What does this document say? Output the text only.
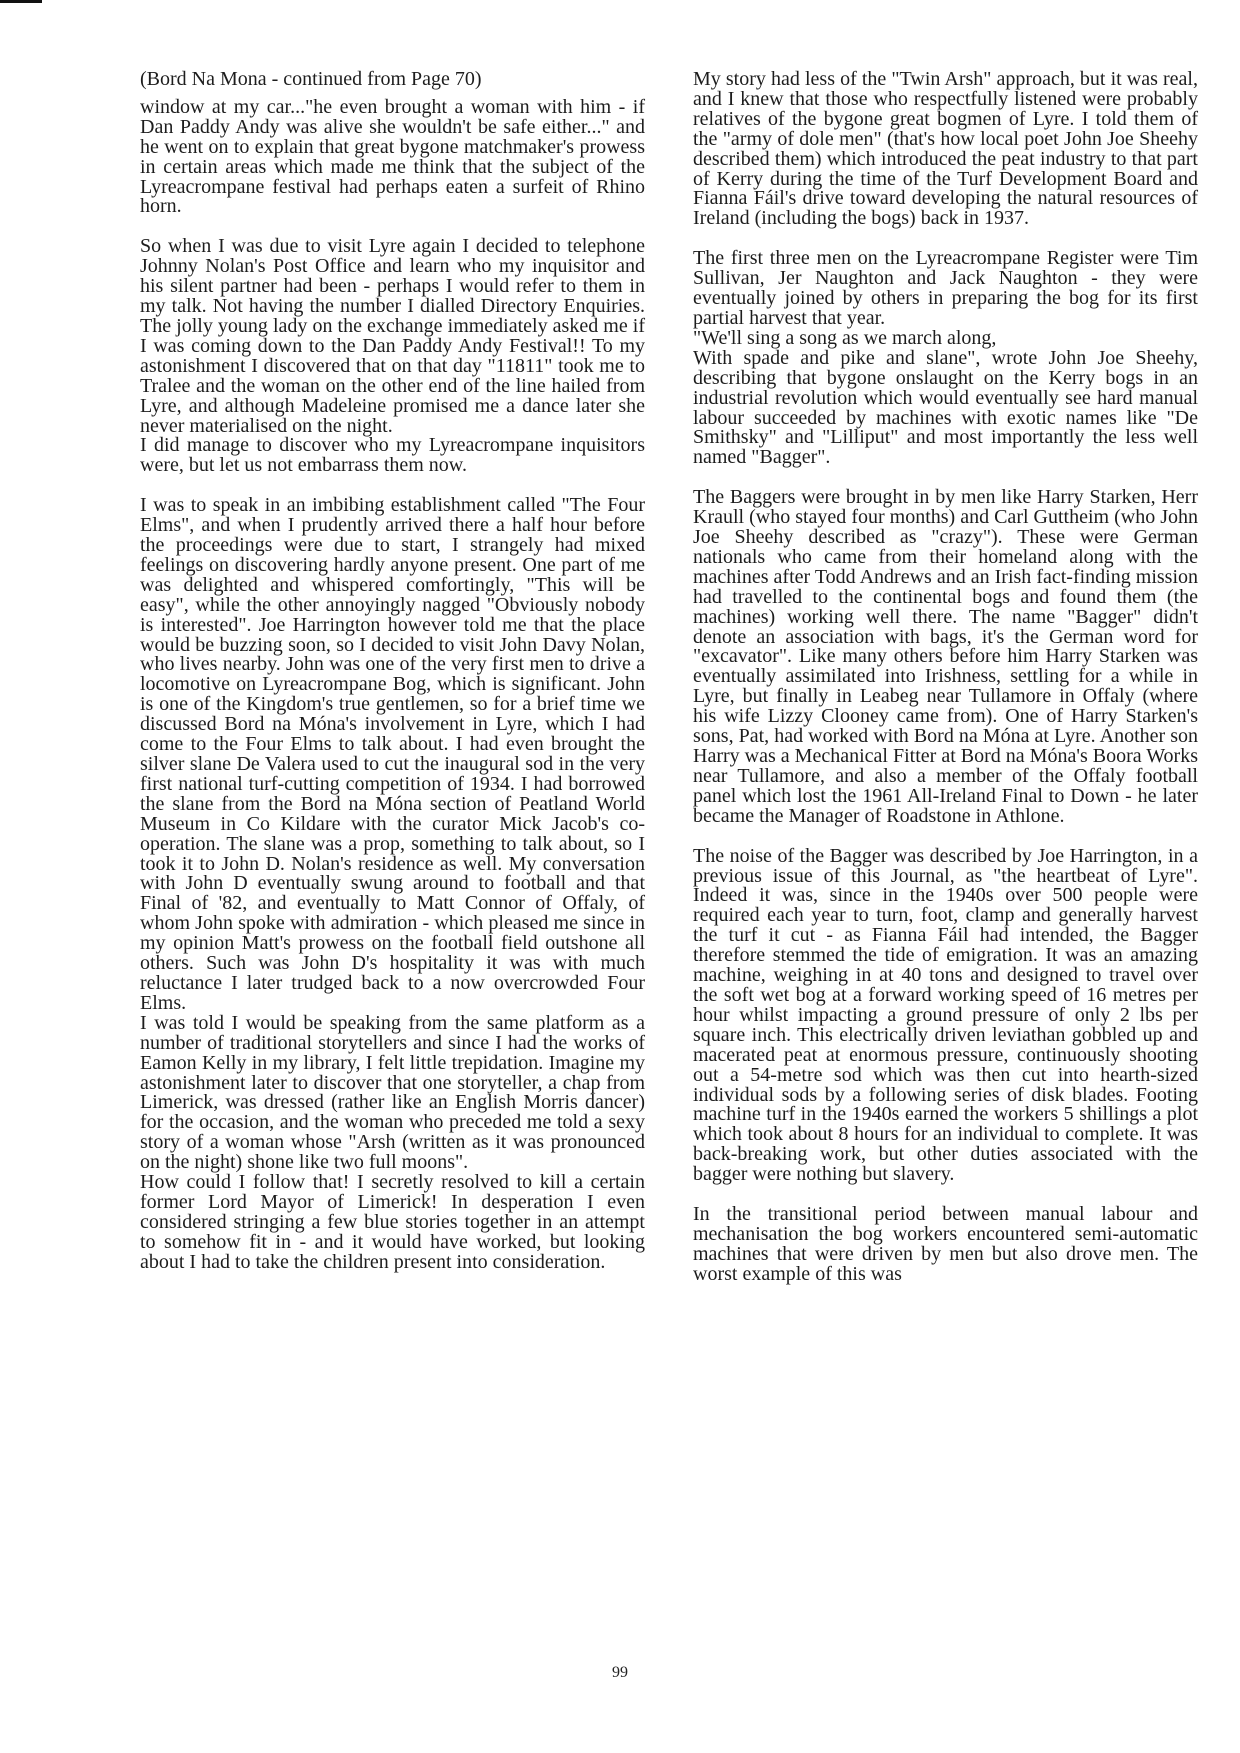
(Bord Na Mona - continued from Page 70)

window at my car..."he even brought a woman with him - if Dan Paddy Andy was alive she wouldn't be safe either..." and he went on to explain that great bygone matchmaker's prowess in certain areas which made me think that the subject of the Lyreacrompane festival had perhaps eaten a surfeit of Rhino horn.

So when I was due to visit Lyre again I decided to telephone Johnny Nolan's Post Office and learn who my inquisitor and his silent partner had been - perhaps I would refer to them in my talk. Not having the number I dialled Directory Enquiries. The jolly young lady on the exchange immediately asked me if I was coming down to the Dan Paddy Andy Festival!! To my astonishment I discovered that on that day "11811" took me to Tralee and the woman on the other end of the line hailed from Lyre, and although Madeleine promised me a dance later she never materialised on the night.
I did manage to discover who my Lyreacrompane inquisitors were, but let us not embarrass them now.

I was to speak in an imbibing establishment called "The Four Elms", and when I prudently arrived there a half hour before the proceedings were due to start, I strangely had mixed feelings on discovering hardly anyone present. One part of me was delighted and whispered comfortingly, "This will be easy", while the other annoyingly nagged "Obviously nobody is interested". Joe Harrington however told me that the place would be buzzing soon, so I decided to visit John Davy Nolan, who lives nearby. John was one of the very first men to drive a locomotive on Lyreacrompane Bog, which is significant. John is one of the Kingdom's true gentlemen, so for a brief time we discussed Bord na Móna's involvement in Lyre, which I had come to the Four Elms to talk about. I had even brought the silver slane De Valera used to cut the inaugural sod in the very first national turf-cutting competition of 1934. I had borrowed the slane from the Bord na Móna section of Peatland World Museum in Co Kildare with the curator Mick Jacob's co-operation. The slane was a prop, something to talk about, so I took it to John D. Nolan's residence as well. My conversation with John D eventually swung around to football and that Final of '82, and eventually to Matt Connor of Offaly, of whom John spoke with admiration - which pleased me since in my opinion Matt's prowess on the football field outshone all others. Such was John D's hospitality it was with much reluctance I later trudged back to a now overcrowded Four Elms.
I was told I would be speaking from the same platform as a number of traditional storytellers and since I had the works of Eamon Kelly in my library, I felt little trepidation. Imagine my astonishment later to discover that one storyteller, a chap from Limerick, was dressed (rather like an English Morris dancer) for the occasion, and the woman who preceded me told a sexy story of a woman whose "Arsh (written as it was pronounced on the night) shone like two full moons".
How could I follow that! I secretly resolved to kill a certain former Lord Mayor of Limerick! In desperation I even considered stringing a few blue stories together in an attempt to somehow fit in - and it would have worked, but looking about I had to take the children present into consideration.

My story had less of the "Twin Arsh" approach, but it was real, and I knew that those who respectfully listened were probably relatives of the bygone great bogmen of Lyre. I told them of the "army of dole men" (that's how local poet John Joe Sheehy described them) which introduced the peat industry to that part of Kerry during the time of the Turf Development Board and Fianna Fáil's drive toward developing the natural resources of Ireland (including the bogs) back in 1937.

The first three men on the Lyreacrompane Register were Tim Sullivan, Jer Naughton and Jack Naughton - they were eventually joined by others in preparing the bog for its first partial harvest that year.
"We'll sing a song as we march along,
With spade and pike and slane", wrote John Joe Sheehy, describing that bygone onslaught on the Kerry bogs in an industrial revolution which would eventually see hard manual labour succeeded by machines with exotic names like "De Smithsky" and "Lilliput" and most importantly the less well named "Bagger".

The Baggers were brought in by men like Harry Starken, Herr Kraull (who stayed four months) and Carl Guttheim (who John Joe Sheehy described as "crazy"). These were German nationals who came from their homeland along with the machines after Todd Andrews and an Irish fact-finding mission had travelled to the continental bogs and found them (the machines) working well there. The name "Bagger" didn't denote an association with bags, it's the German word for "excavator". Like many others before him Harry Starken was eventually assimilated into Irishness, settling for a while in Lyre, but finally in Leabeg near Tullamore in Offaly (where his wife Lizzy Clooney came from). One of Harry Starken's sons, Pat, had worked with Bord na Móna at Lyre. Another son Harry was a Mechanical Fitter at Bord na Móna's Boora Works near Tullamore, and also a member of the Offaly football panel which lost the 1961 All-Ireland Final to Down - he later became the Manager of Roadstone in Athlone.

The noise of the Bagger was described by Joe Harrington, in a previous issue of this Journal, as "the heartbeat of Lyre". Indeed it was, since in the 1940s over 500 people were required each year to turn, foot, clamp and generally harvest the turf it cut - as Fianna Fáil had intended, the Bagger therefore stemmed the tide of emigration. It was an amazing machine, weighing in at 40 tons and designed to travel over the soft wet bog at a forward working speed of 16 metres per hour whilst impacting a ground pressure of only 2 lbs per square inch. This electrically driven leviathan gobbled up and macerated peat at enormous pressure, continuously shooting out a 54-metre sod which was then cut into hearth-sized individual sods by a following series of disk blades. Footing machine turf in the 1940s earned the workers 5 shillings a plot which took about 8 hours for an individual to complete. It was back-breaking work, but other duties associated with the bagger were nothing but slavery.

In the transitional period between manual labour and mechanisation the bog workers encountered semi-automatic machines that were driven by men but also drove men. The worst example of this was

99
